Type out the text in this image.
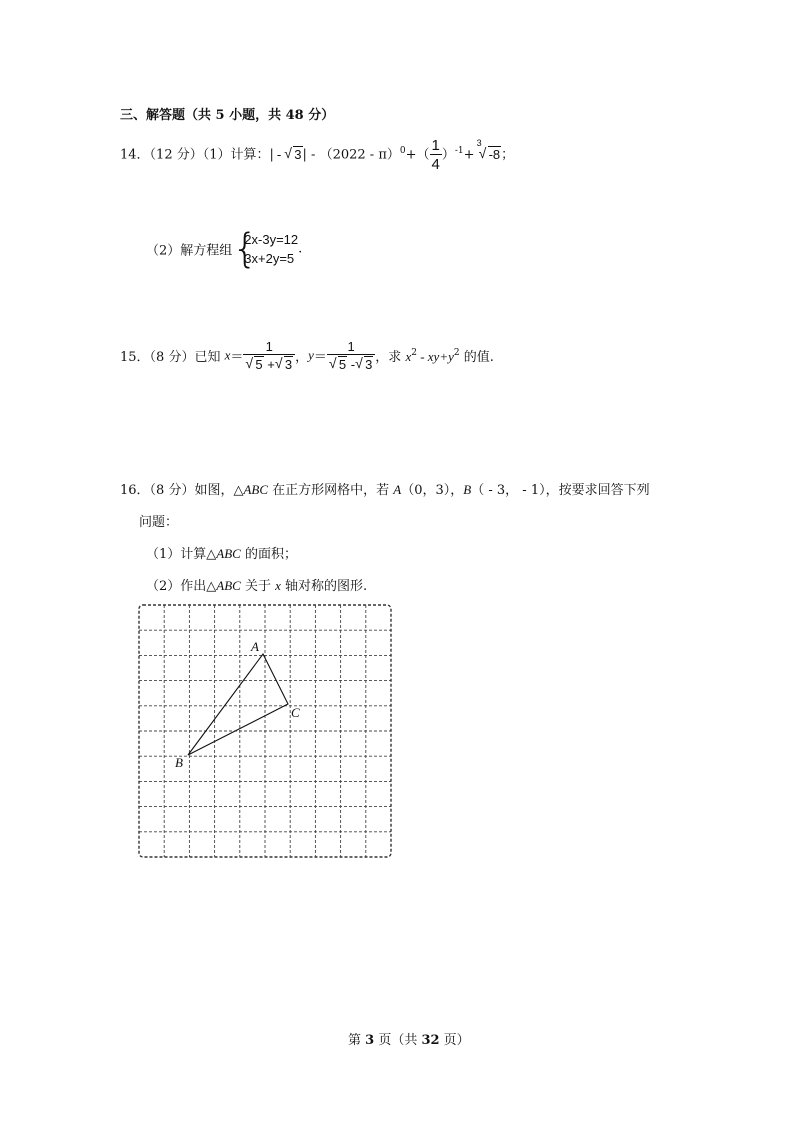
三、解答题（共 5 小题，共 48 分）
14．（12 分）（1）计算：| - √ $3| - (2022 - \pi)^0+( \frac{1}{4} )^{-1}+$
3
√ -8；
（2）解方程组 {
2x-3y=12
3x+2y=5
.
15．（8 分）已知 $x= \frac{1}{√ 5 + √ 3}$ ，$y= \frac{1}{√ 5 - √ 3}$ ，求 $x^2 - xy+y^2$ 的值.
16．（8 分）如图，△ABC 在正方形网格中，若 A（0，3），B（ - 3， - 1），按要求回答下列
问题：
（1）计算△ABC 的面积；
（2）作出△ABC 关于 x 轴对称的图形.
A
C
B
第 3 页（共 32 页）
